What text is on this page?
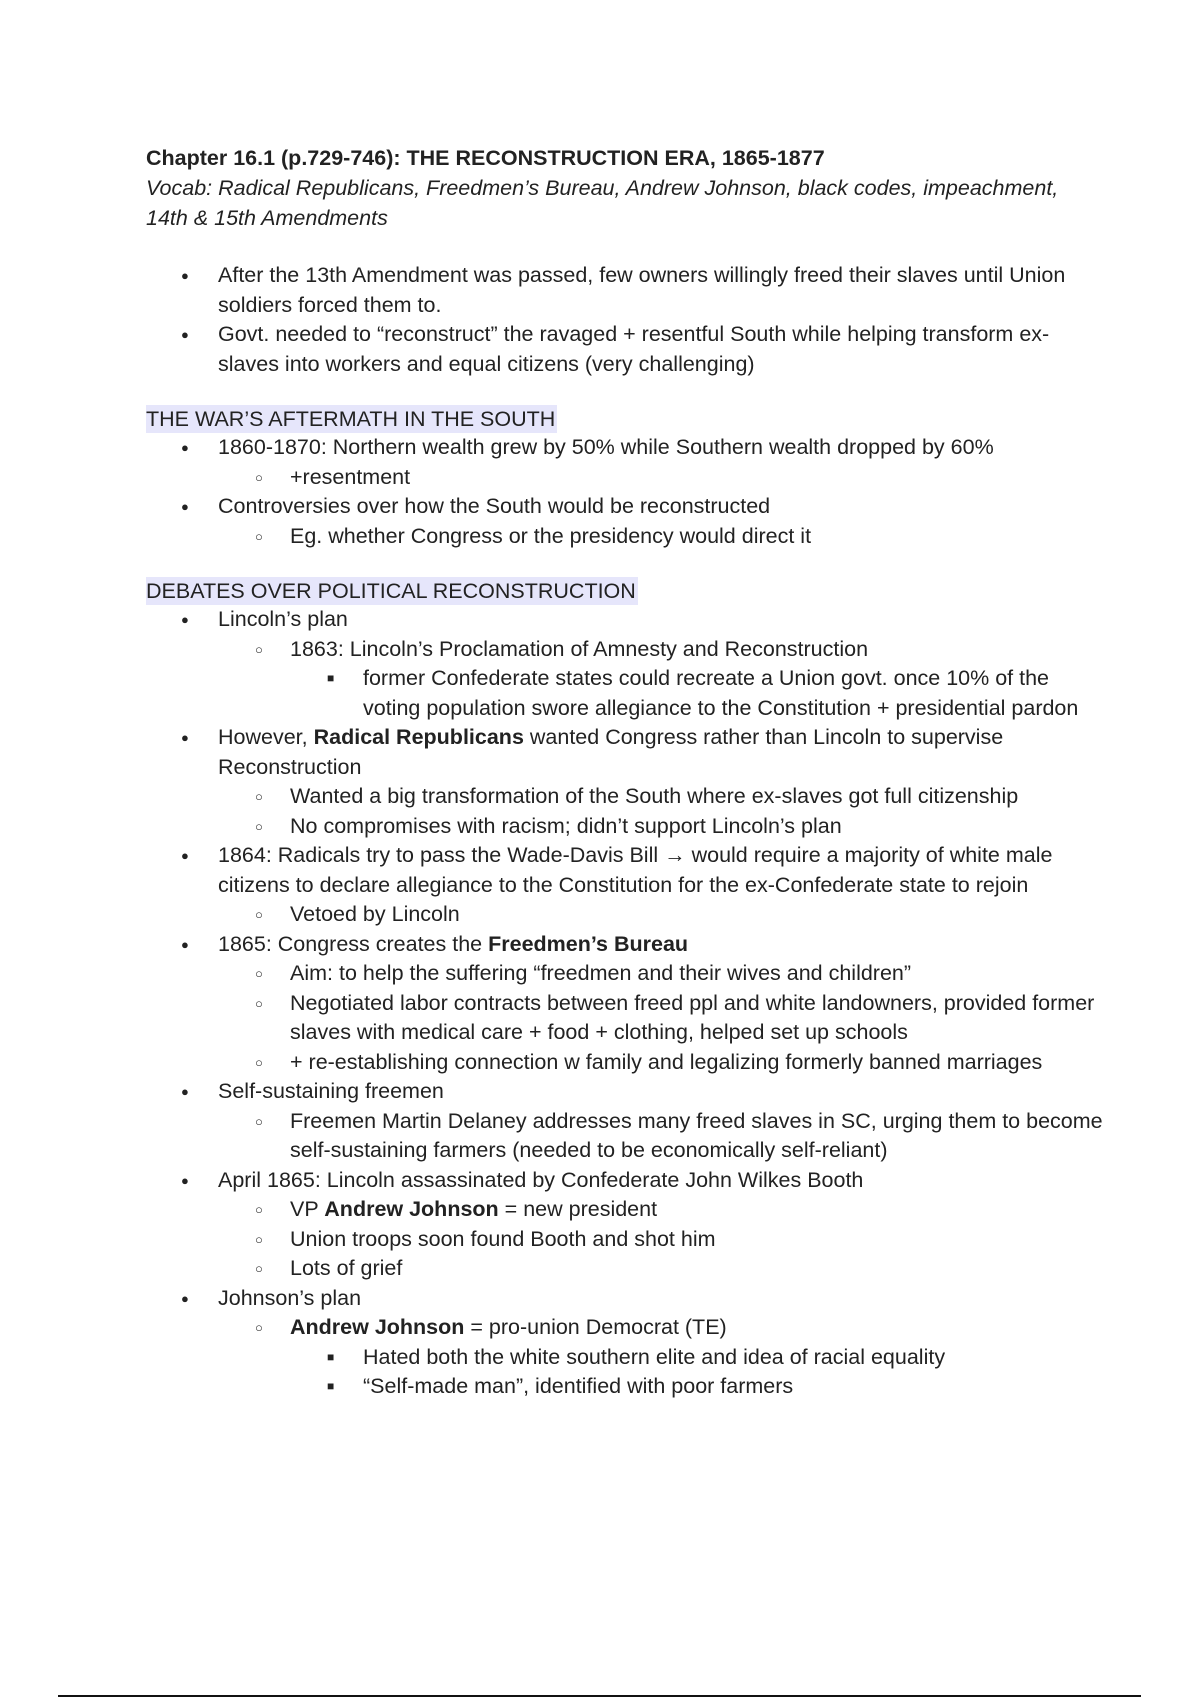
Chapter 16.1 (p.729-746): THE RECONSTRUCTION ERA, 1865-1877

Vocab: Radical Republicans, Freedmen’s Bureau, Andrew Johnson, black codes, impeachment, 14th & 15th Amendments

● After the 13th Amendment was passed, few owners willingly freed their slaves until Union soldiers forced them to.
● Govt. needed to “reconstruct” the ravaged + resentful South while helping transform ex-slaves into workers and equal citizens (very challenging)
THE WAR’S AFTERMATH IN THE SOUTH
● 1860-1870: Northern wealth grew by 50% while Southern wealth dropped by 60%
○ +resentment
● Controversies over how the South would be reconstructed
○ Eg. whether Congress or the presidency would direct it
DEBATES OVER POLITICAL RECONSTRUCTION
● Lincoln’s plan
○ 1863: Lincoln’s Proclamation of Amnesty and Reconstruction
■ former Confederate states could recreate a Union govt. once 10% of the voting population swore allegiance to the Constitution + presidential pardon
● However, Radical Republicans wanted Congress rather than Lincoln to supervise Reconstruction
○ Wanted a big transformation of the South where ex-slaves got full citizenship
○ No compromises with racism; didn’t support Lincoln’s plan
● 1864: Radicals try to pass the Wade-Davis Bill → would require a majority of white male citizens to declare allegiance to the Constitution for the ex-Confederate state to rejoin
○ Vetoed by Lincoln
● 1865: Congress creates the Freedmen’s Bureau
○ Aim: to help the suffering “freedmen and their wives and children”
○ Negotiated labor contracts between freed ppl and white landowners, provided former slaves with medical care + food + clothing, helped set up schools
○ + re-establishing connection w family and legalizing formerly banned marriages
● Self-sustaining freemen
○ Freemen Martin Delaney addresses many freed slaves in SC, urging them to become self-sustaining farmers (needed to be economically self-reliant)
● April 1865: Lincoln assassinated by Confederate John Wilkes Booth
○ VP Andrew Johnson = new president
○ Union troops soon found Booth and shot him
○ Lots of grief
● Johnson’s plan
○ Andrew Johnson = pro-union Democrat (TE)
■ Hated both the white southern elite and idea of racial equality
■ “Self-made man”, identified with poor farmers
